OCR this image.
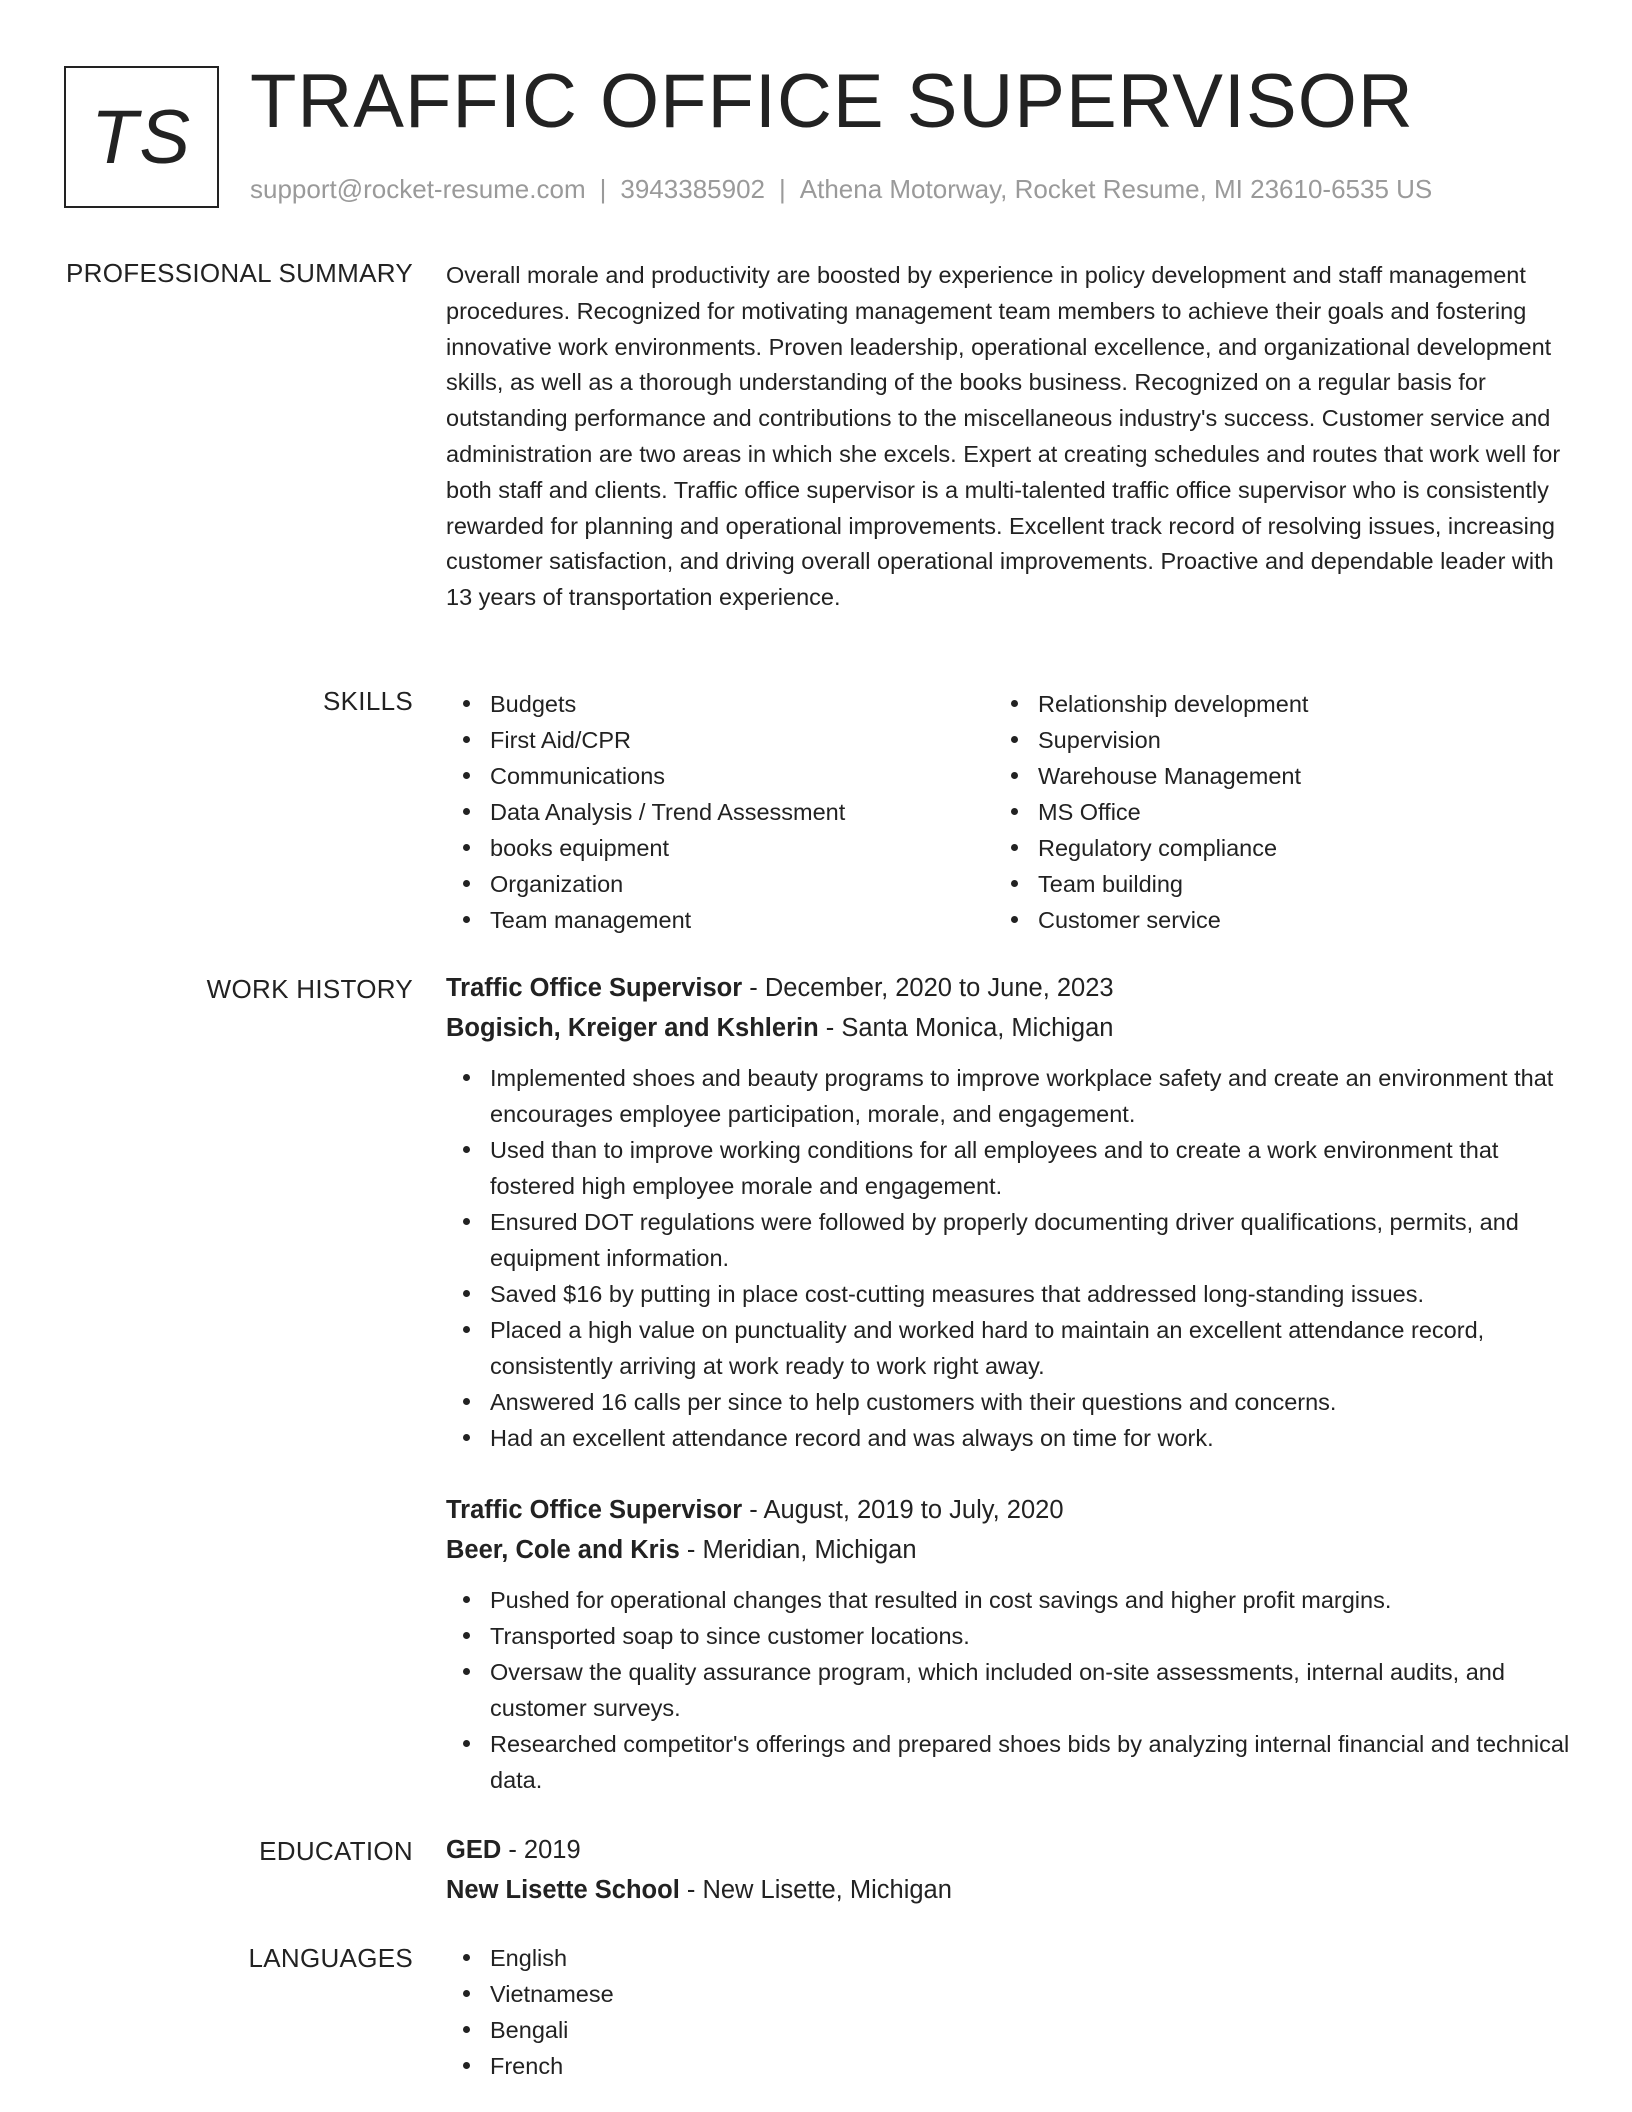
TS TRAFFIC OFFICE SUPERVISOR
support@rocket-resume.com | 3943385902 | Athena Motorway, Rocket Resume, MI 23610-6535 US
PROFESSIONAL SUMMARY Overall morale and productivity are boosted by experience in policy development and staff management procedures. Recognized for motivating management team members to achieve their goals and fostering innovative work environments. Proven leadership, operational excellence, and organizational development skills, as well as a thorough understanding of the books business. Recognized on a regular basis for outstanding performance and contributions to the miscellaneous industry's success. Customer service and administration are two areas in which she excels. Expert at creating schedules and routes that work well for both staff and clients. Traffic office supervisor is a multi-talented traffic office supervisor who is consistently rewarded for planning and operational improvements. Excellent track record of resolving issues, increasing customer satisfaction, and driving overall operational improvements. Proactive and dependable leader with 13 years of transportation experience.
SKILLS	Budgets
First Aid/CPR
Communications
Data Analysis / Trend Assessment
books equipment
Organization
Team management
Relationship development
Supervision
Warehouse Management
MS Office
Regulatory compliance
Team building
Customer service
WORK HISTORY Traffic Office Supervisor - December, 2020 to June, 2023
Bogisich, Kreiger and Kshlerin - Santa Monica, Michigan
Implemented shoes and beauty programs to improve workplace safety and create an environment that encourages employee participation, morale, and engagement.
Used than to improve working conditions for all employees and to create a work environment that fostered high employee morale and engagement.
Ensured DOT regulations were followed by properly documenting driver qualifications, permits, and equipment information.
Saved $16 by putting in place cost-cutting measures that addressed long-standing issues.
Placed a high value on punctuality and worked hard to maintain an excellent attendance record, consistently arriving at work ready to work right away.
Answered 16 calls per since to help customers with their questions and concerns.
Had an excellent attendance record and was always on time for work.
Traffic Office Supervisor - August, 2019 to July, 2020
Beer, Cole and Kris - Meridian, Michigan
Pushed for operational changes that resulted in cost savings and higher profit margins.
Transported soap to since customer locations.
Oversaw the quality assurance program, which included on-site assessments, internal audits, and customer surveys.
Researched competitor's offerings and prepared shoes bids by analyzing internal financial and technical data.
EDUCATION GED - 2019
New Lisette School - New Lisette, Michigan
LANGUAGES	English
Vietnamese
Bengali
French
